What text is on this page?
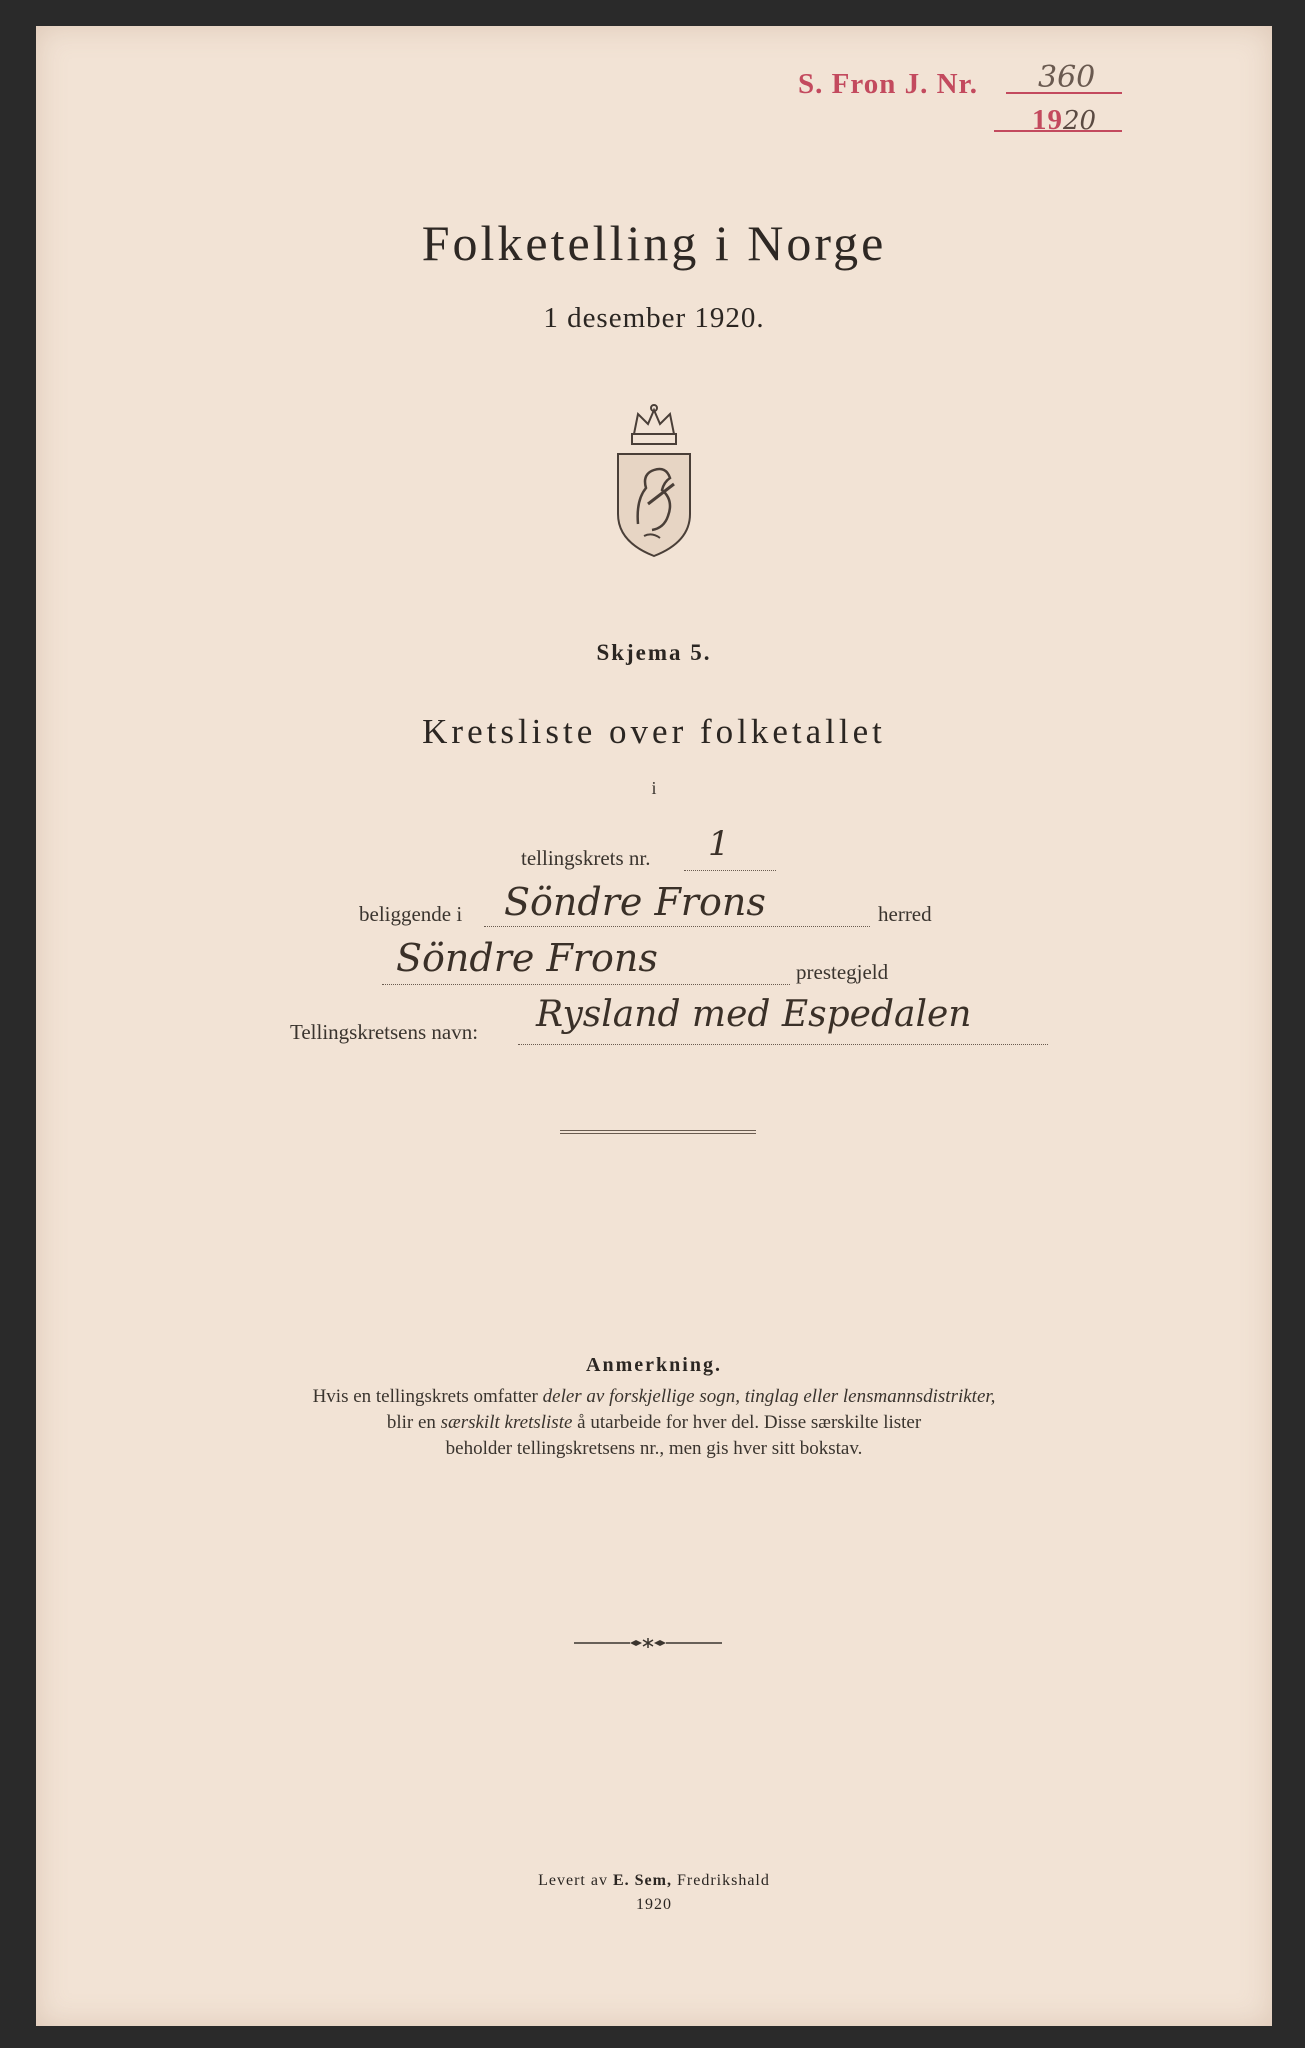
S. Fron J. Nr. 360
1920
Folketelling i Norge
1 desember 1920.
Skjema 5.
Kretsliste over folketallet
i
tellingskrets nr. 1
beliggende i Söndre Frons	herred
Söndre Frons	prestegjeld
Tellingskretsens navn: Rysland med Espedalen
Anmerkning.
Hvis en tellingskrets omfatter deler av forskjellige sogn, tinglag eller lensmannsdistrikter,
blir en særskilt kretsliste å utarbeide for hver del. Disse særskilte lister
beholder tellingskretsens nr., men gis hver sitt bokstav.
Levert av E. Sem, Fredrikshald
1920
